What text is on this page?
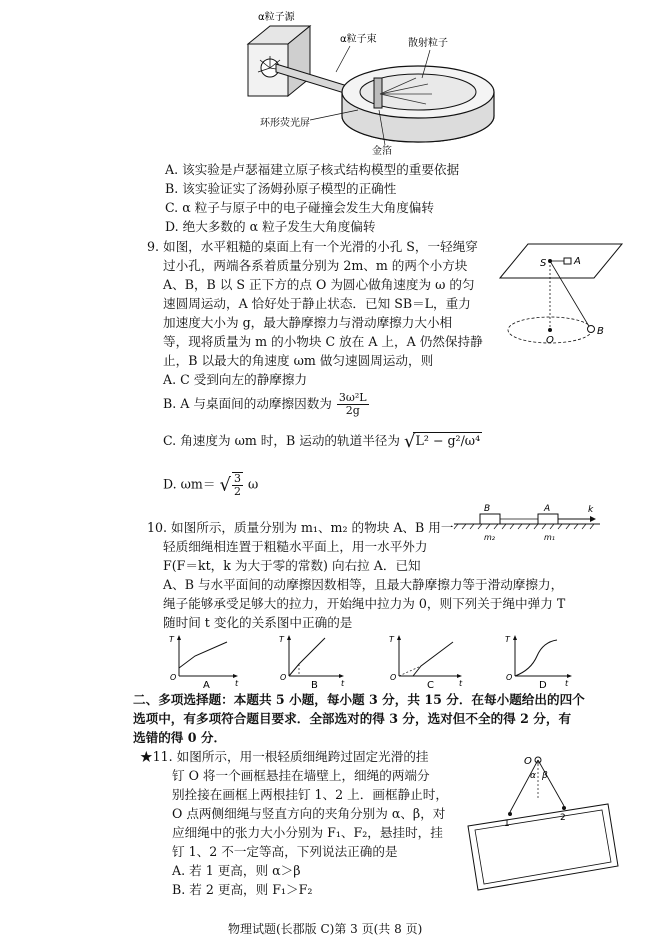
α粒子源
α粒子束	散射粒子
环形荧光屏
金箔
A. 该实验是卢瑟福建立原子核式结构模型的重要依据
B. 该实验证实了汤姆孙原子模型的正确性
C. α 粒子与原子中的电子碰撞会发生大角度偏转
D. 绝大多数的 α 粒子发生大角度偏转
9. 如图，水平粗糙的桌面上有一个光滑的小孔 S，一轻绳穿
过小孔，两端各系着质量分别为 2m、m 的两个小方块
A、B，B 以 S 正下方的点 O 为圆心做角速度为 ω 的匀
速圆周运动，A 恰好处于静止状态．已知 SB＝L，重力
加速度大小为 g，最大静摩擦力与滑动摩擦力大小相
等，现将质量为 m 的小物块 C 放在 A 上，A 仍然保持静
止，B 以最大的角速度 ωm 做匀速圆周运动，则
A. C 受到向左的静摩擦力
B. A 与桌面间的动摩擦因数为 $\frac{\text{3ω²L}}{2g}$
C. 角速度为 ωm 时，B 运动的轨道半径为 √L² − g²/ω⁴
D. ωm＝ √ $\frac{3}{2}$ ω
S	A
O
B
10. 如图所示，质量分别为 m₁、m₂ 的物块 A、B 用一
轻质细绳相连置于粗糙水平面上，用一水平外力
F(F＝kt，k 为大于零的常数) 向右拉 A．已知
A、B 与水平面间的动摩擦因数相等，且最大静摩擦力等于滑动摩擦力，
绳子能够承受足够大的拉力，开始绳中拉力为 0，则下列关于绳中弹力 T
随时间 t 变化的关系图中正确的是
B	A
m₂	m₁
k
T
O
t
A
T
O
t
B
T
O
t
C
T
O
t
D
二、多项选择题：本题共 5 小题，每小题 3 分，共 15 分．在每小题给出的四个
选项中，有多项符合题目要求．全部选对的得 3 分，选对但不全的得 2 分，有
选错的得 0 分．
★11. 如图所示，用一根轻质细绳跨过固定光滑的挂
钉 O 将一个画框悬挂在墙壁上，细绳的两端分
别拴接在画框上两根挂钉 1、2 上．画框静止时，
O 点两侧细绳与竖直方向的夹角分别为 α、β，对
应细绳中的张力大小分别为 F₁、F₂，悬挂时，挂
钉 1、2 不一定等高，下列说法正确的是
A. 若 1 更高，则 α＞β
B. 若 2 更高，则 F₁＞F₂
O
α β
1
2
物理试题(长郡版 C)第 3 页(共 8 页)
